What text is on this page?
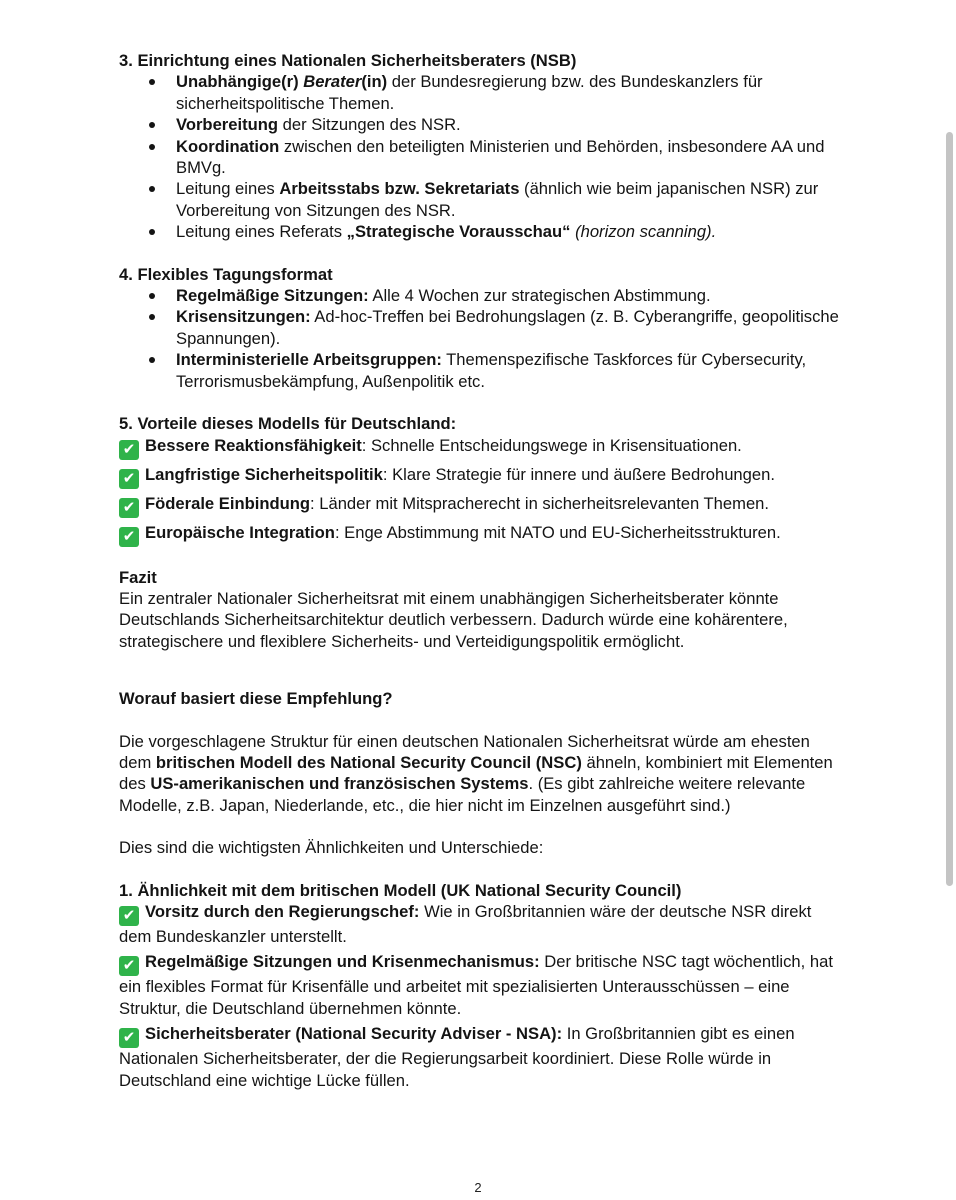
3. Einrichtung eines Nationalen Sicherheitsberaters (NSB)

Unabhängige(r) Berater(in) der Bundesregierung bzw. des Bundeskanzlers für sicherheitspolitische Themen.
Vorbereitung der Sitzungen des NSR.
Koordination zwischen den beteiligten Ministerien und Behörden, insbesondere AA und BMVg.
Leitung eines Arbeitsstabs bzw. Sekretariats (ähnlich wie beim japanischen NSR) zur Vorbereitung von Sitzungen des NSR.
Leitung eines Referats „Strategische Vorausschau“ (horizon scanning).

4. Flexibles Tagungsformat

Regelmäßige Sitzungen: Alle 4 Wochen zur strategischen Abstimmung.
Krisensitzungen: Ad-hoc-Treffen bei Bedrohungslagen (z. B. Cyberangriffe, geopolitische Spannungen).
Interministerielle Arbeitsgruppen: Themenspezifische Taskforces für Cybersecurity, Terrorismusbekämpfung, Außenpolitik etc.

5. Vorteile dieses Modells für Deutschland:

✔ Bessere Reaktionsfähigkeit: Schnelle Entscheidungswege in Krisensituationen.
✔ Langfristige Sicherheitspolitik: Klare Strategie für innere und äußere Bedrohungen.
✔ Föderale Einbindung: Länder mit Mitspracherecht in sicherheitsrelevanten Themen.
✔ Europäische Integration: Enge Abstimmung mit NATO und EU-Sicherheitsstrukturen.

Fazit

Ein zentraler Nationaler Sicherheitsrat mit einem unabhängigen Sicherheitsberater könnte Deutschlands Sicherheitsarchitektur deutlich verbessern. Dadurch würde eine kohärentere, strategischere und flexiblere Sicherheits- und Verteidigungspolitik ermöglicht.

Worauf basiert diese Empfehlung?

Die vorgeschlagene Struktur für einen deutschen Nationalen Sicherheitsrat würde am ehesten dem britischen Modell des National Security Council (NSC) ähneln, kombiniert mit Elementen des US-amerikanischen und französischen Systems. (Es gibt zahlreiche weitere relevante Modelle, z.B. Japan, Niederlande, etc., die hier nicht im Einzelnen ausgeführt sind.)

Dies sind die wichtigsten Ähnlichkeiten und Unterschiede:

1. Ähnlichkeit mit dem britischen Modell (UK National Security Council)

✔ Vorsitz durch den Regierungschef: Wie in Großbritannien wäre der deutsche NSR direkt dem Bundeskanzler unterstellt.
✔ Regelmäßige Sitzungen und Krisenmechanismus: Der britische NSC tagt wöchentlich, hat ein flexibles Format für Krisenfälle und arbeitet mit spezialisierten Unterausschüssen – eine Struktur, die Deutschland übernehmen könnte.
✔ Sicherheitsberater (National Security Adviser - NSA): In Großbritannien gibt es einen Nationalen Sicherheitsberater, der die Regierungsarbeit koordiniert. Diese Rolle würde in Deutschland eine wichtige Lücke füllen.
2
